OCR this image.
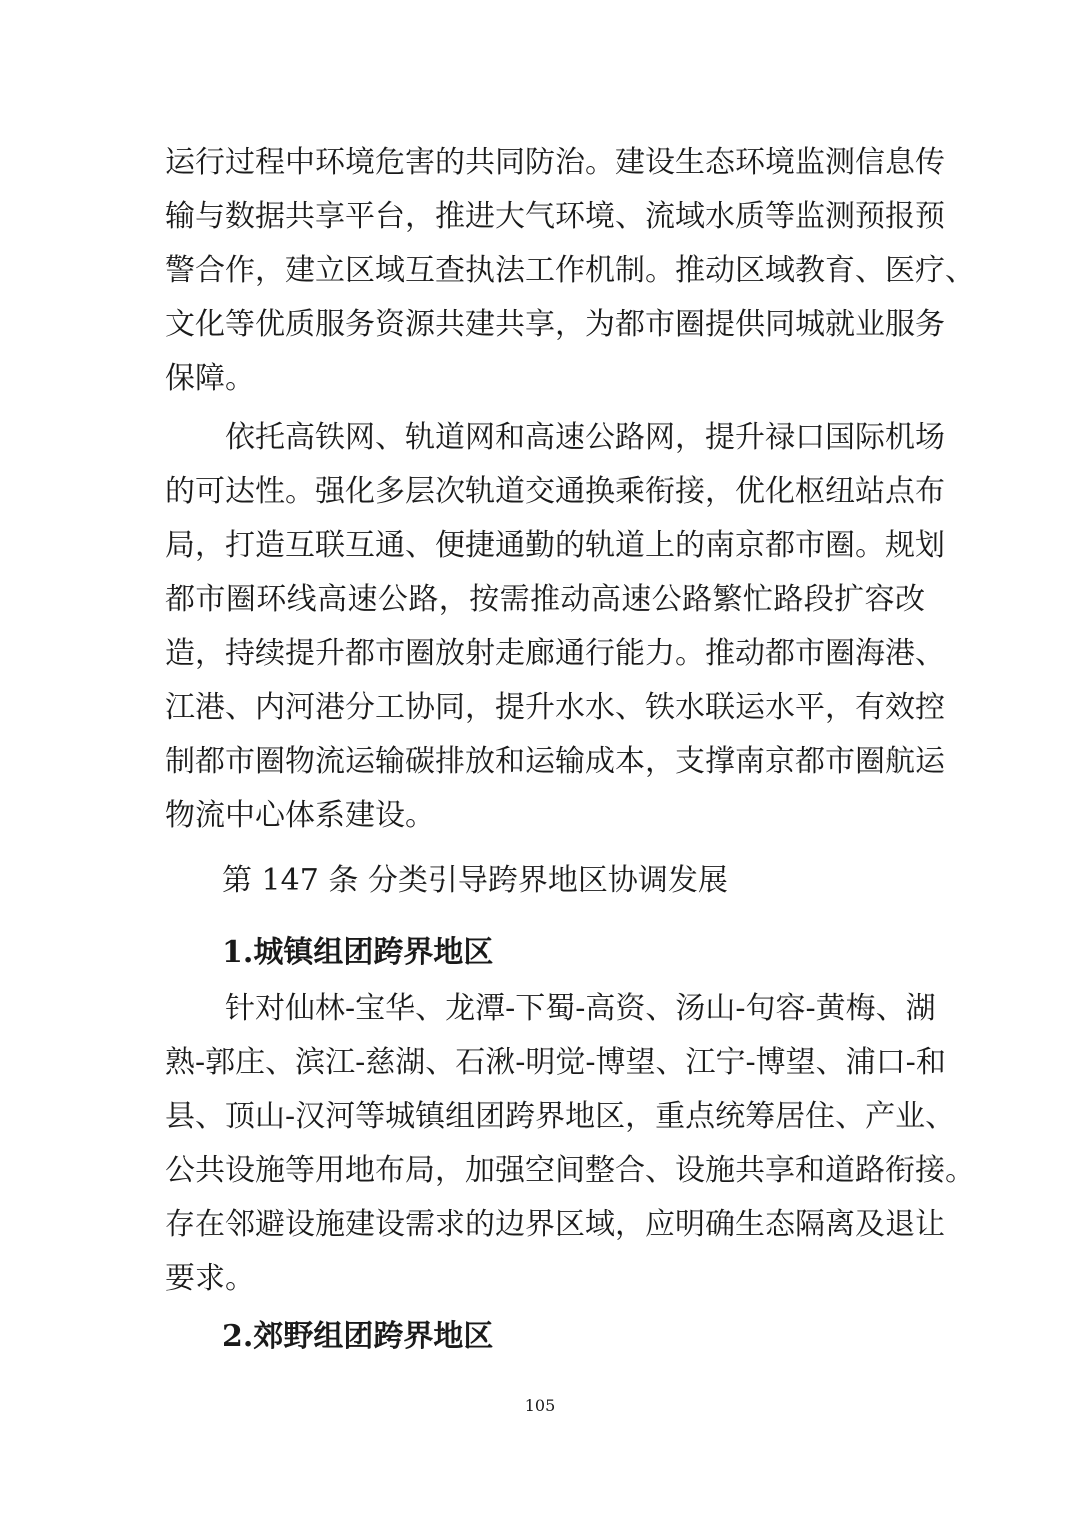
运行过程中环境危害的共同防治。建设生态环境监测信息传
输与数据共享平台，推进大气环境、流域水质等监测预报预
警合作，建立区域互查执法工作机制。推动区域教育、医疗、
文化等优质服务资源共建共享，为都市圈提供同城就业服务
保障。
依托高铁网、轨道网和高速公路网，提升禄口国际机场
的可达性。强化多层次轨道交通换乘衔接，优化枢纽站点布
局，打造互联互通、便捷通勤的轨道上的南京都市圈。规划
都市圈环线高速公路，按需推动高速公路繁忙路段扩容改
造，持续提升都市圈放射走廊通行能力。推动都市圈海港、
江港、内河港分工协同，提升水水、铁水联运水平，有效控
制都市圈物流运输碳排放和运输成本，支撑南京都市圈航运
物流中心体系建设。
第 147 条 分类引导跨界地区协调发展
1.城镇组团跨界地区
针对仙林-宝华、龙潭-下蜀-高资、汤山-句容-黄梅、湖
熟-郭庄、滨江-慈湖、石湫-明觉-博望、江宁-博望、浦口-和
县、顶山-汉河等城镇组团跨界地区，重点统筹居住、产业、
公共设施等用地布局，加强空间整合、设施共享和道路衔接。
存在邻避设施建设需求的边界区域，应明确生态隔离及退让
要求。
2.郊野组团跨界地区
105
